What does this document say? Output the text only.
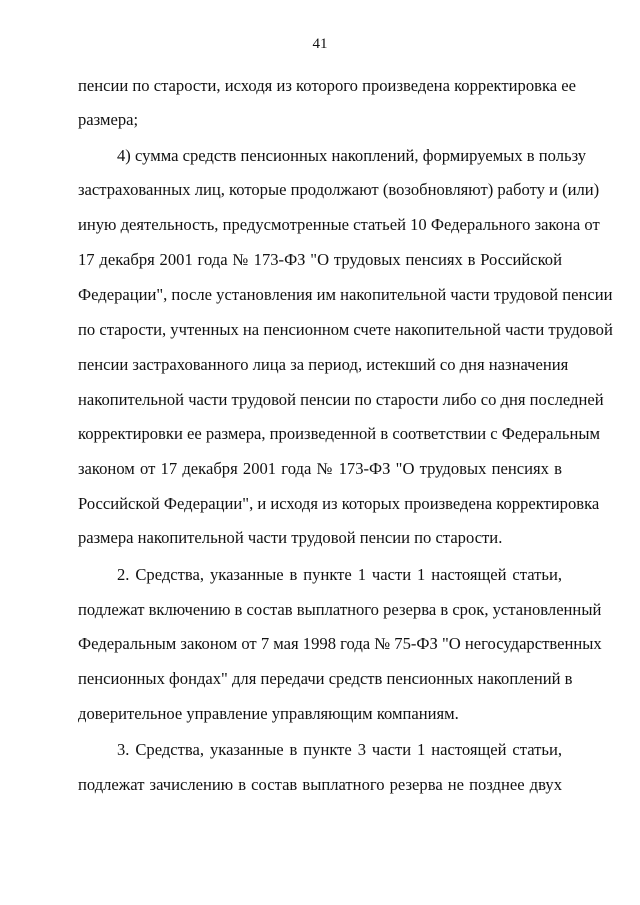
41
пенсии по старости, исходя из которого произведена корректировка ее
размера;
4) сумма средств пенсионных накоплений, формируемых в пользу
застрахованных лиц, которые продолжают (возобновляют) работу и (или)
иную деятельность, предусмотренные статьей 10 Федерального закона от
17 декабря 2001 года № 173-ФЗ "О трудовых пенсиях в Российской
Федерации", после установления им накопительной части трудовой пенсии
по старости, учтенных на пенсионном счете накопительной части трудовой
пенсии застрахованного лица за период, истекший со дня назначения
накопительной части трудовой пенсии по старости либо со дня последней
корректировки ее размера, произведенной в соответствии с Федеральным
законом от 17 декабря 2001 года № 173-ФЗ "О трудовых пенсиях в
Российской Федерации", и исходя из которых произведена корректировка
размера накопительной части трудовой пенсии по старости.
2. Средства, указанные в пункте 1 части 1 настоящей статьи,
подлежат включению в состав выплатного резерва в срок, установленный
Федеральным законом от 7 мая 1998 года № 75-ФЗ "О негосударственных
пенсионных фондах" для передачи средств пенсионных накоплений в
доверительное управление управляющим компаниям.
3. Средства, указанные в пункте 3 части 1 настоящей статьи,
подлежат зачислению в состав выплатного резерва не позднее двух
